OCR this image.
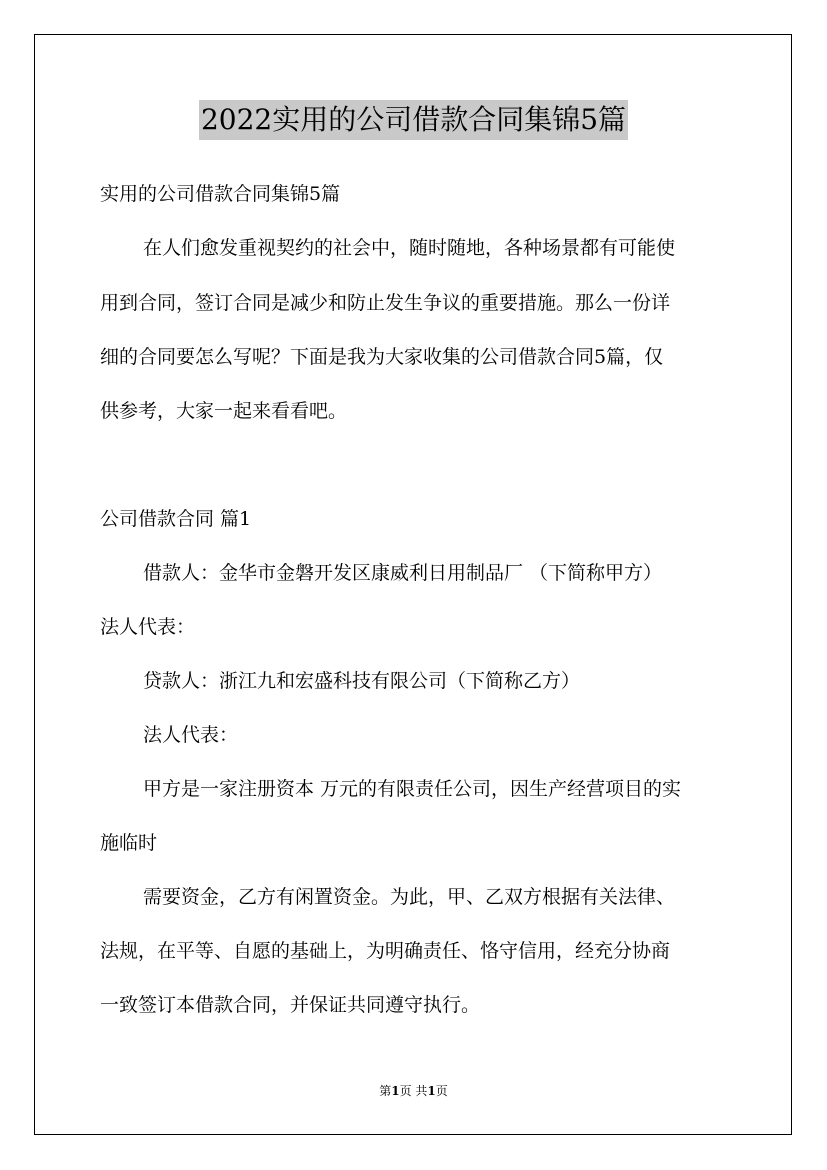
2022实用的公司借款合同集锦5篇
实用的公司借款合同集锦5篇
在人们愈发重视契约的社会中，随时随地，各种场景都有可能使
用到合同，签订合同是减少和防止发生争议的重要措施。那么一份详
细的合同要怎么写呢？下面是我为大家收集的公司借款合同5篇，仅
供参考，大家一起来看看吧。
公司借款合同 篇1
借款人：金华市金磐开发区康威利日用制品厂 （下简称甲方）
法人代表：
贷款人：浙江九和宏盛科技有限公司（下简称乙方）
法人代表：
甲方是一家注册资本 万元的有限责任公司，因生产经营项目的实
施临时
需要资金，乙方有闲置资金。为此，甲、乙双方根据有关法律、
法规，在平等、自愿的基础上，为明确责任、恪守信用，经充分协商
一致签订本借款合同，并保证共同遵守执行。
第1页 共1页
